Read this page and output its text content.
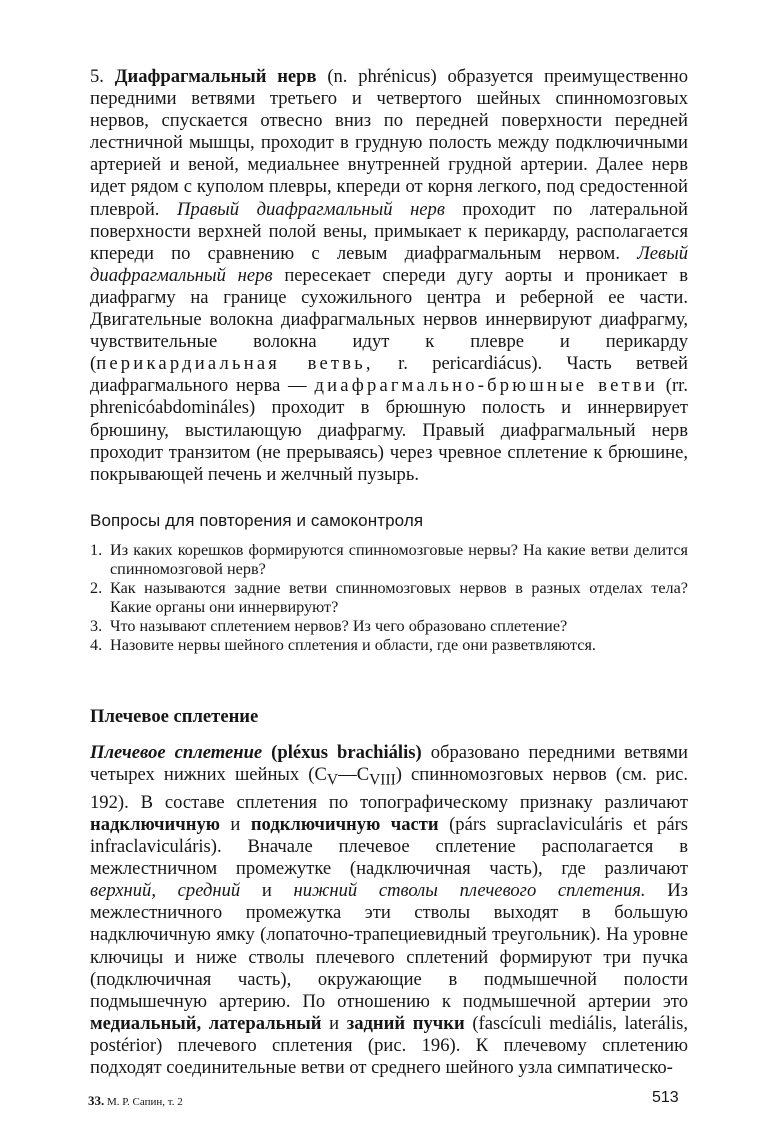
5. Диафрагмальный нерв (n. phrénicus) образуется преимущественно передними ветвями третьего и четвертого шейных спинномозговых нервов, спускается отвесно вниз по передней поверхности передней лестничной мышцы, проходит в грудную полость между подключичными артерией и веной, медиальнее внутренней грудной артерии. Далее нерв идет рядом с куполом плевры, кпереди от корня легкого, под средостенной плеврой. Правый диафрагмальный нерв проходит по латеральной поверхности верхней полой вены, примыкает к перикарду, располагается кпереди по сравнению с левым диафрагмальным нервом. Левый диафрагмальный нерв пересекает спереди дугу аорты и проникает в диафрагму на границе сухожильного центра и реберной ее части. Двигательные волокна диафрагмальных нервов иннервируют диафрагму, чувствительные волокна идут к плевре и перикарду (перикардиальная ветвь, r. pericardiácus). Часть ветвей диафрагмального нерва — диафрагмально-брюшные ветви (rr. phrenicóabdomináles) проходит в брюшную полость и иннервирует брюшину, выстилающую диафрагму. Правый диафрагмальный нерв проходит транзитом (не прерываясь) через чревное сплетение к брюшине, покрывающей печень и желчный пузырь.

Вопросы для повторения и самоконтроля

1. Из каких корешков формируются спинномозговые нервы? На какие ветви делится спинномозговой нерв?
2. Как называются задние ветви спинномозговых нервов в разных отделах тела? Какие органы они иннервируют?
3. Что называют сплетением нервов? Из чего образовано сплетение?
4. Назовите нервы шейного сплетения и области, где они разветвляются.

Плечевое сплетение

Плечевое сплетение (pléxus brachiális) образовано передними ветвями четырех нижних шейных $(C_V—C_{VIII})$ спинномозговых нервов (см. рис. 192). В составе сплетения по топографическому признаку различают надключичную и подключичную части (párs supraclaviculáris et párs infraclaviculáris). Вначале плечевое сплетение располагается в межлестничном промежутке (надключичная часть), где различают верхний, средний и нижний стволы плечевого сплетения. Из межлестничного промежутка эти стволы выходят в большую надключичную ямку (лопаточно-трапециевидный треугольник). На уровне ключицы и ниже стволы плечевого сплетений формируют три пучка (подключичная часть), окружающие в подмышечной полости подмышечную артерию. По отношению к подмышечной артерии это медиальный, латеральный и задний пучки (fascículi mediális, laterális, postérior) плечевого сплетения (рис. 196). К плечевому сплетению подходят соединительные ветви от среднего шейного узла симпатическо-

33. М. Р. Сапин, т. 2	513
